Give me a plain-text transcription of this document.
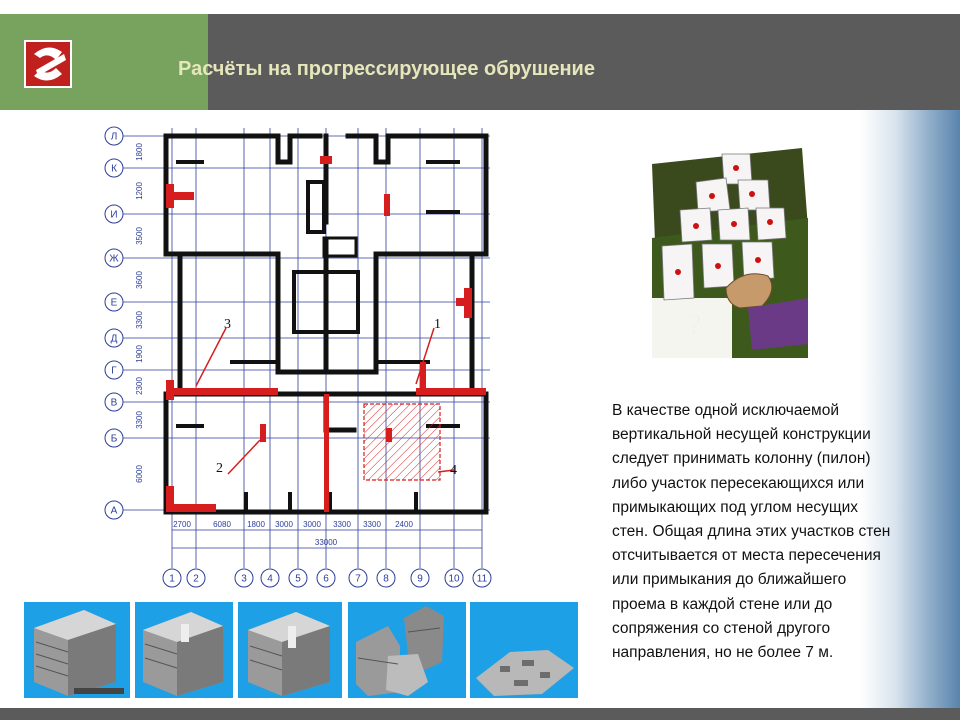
Расчёты на прогрессирующее обрушение
Л
К
И
Ж
Е
Д
Г
В
Б
А
1 2	3 4 5 6	7 8	9	10 11
1800
1200
3500
3600
3300
1900
2300
3300
6000
2700	6080 1800 3000 3000 3300 3300 2400
33000
1
2
3
4
?
В качестве одной исключаемой
вертикальной несущей конструкции
следует принимать колонну (пилон)
либо участок пересекающихся или
примыкающих под углом несущих
стен. Общая длина этих участков стен
отсчитывается от места пересечения
или примыкания до ближайшего
проема в каждой стене или до
сопряжения со стеной другого
направления, но не более 7 м.
